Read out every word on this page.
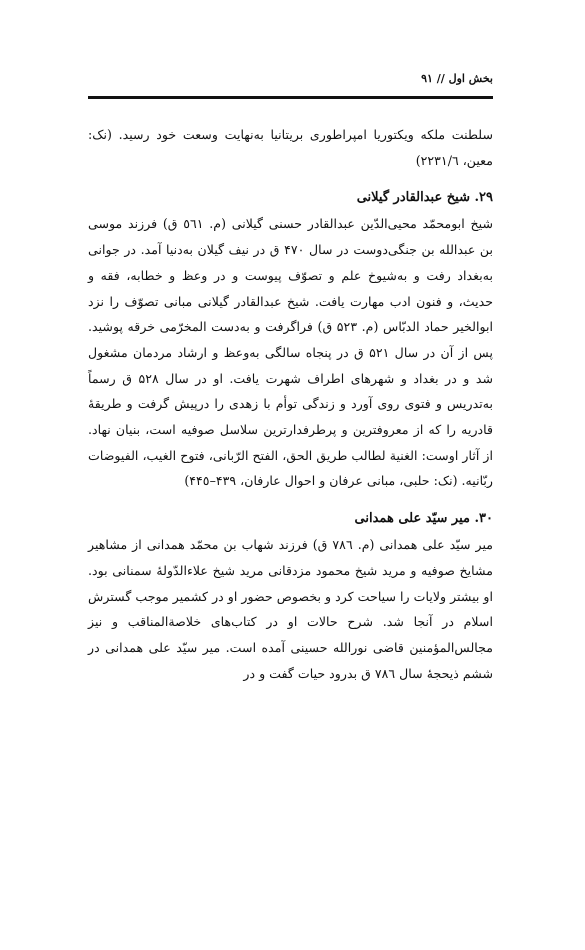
بخش اول // ۹۱

سلطنت ملکه ویکتوریا امپراطوری بریتانیا به‌نهایت وسعت خود رسید. (نک: معین، ۲۲۳۱/٦)

۲۹. شیخ عبدالقادر گیلانی

شیخ ابومحمّد محیی‌الدّین عبدالقادر حسنی گیلانی (م. ٥٦١ ق) فرزند موسی بن عبدالله بن جنگی‌دوست در سال ۴۷۰ ق در نیف گیلان به‌دنیا آمد. در جوانی به‌بغداد رفت و به‌شیوخ علم و تصوّف پیوست و در وعظ و خطابه، فقه و حدیث، و فنون ادب مهارت یافت. شیخ عبدالقادر گیلانی مبانی تصوّف را نزد ابوالخیر حماد الدبّاس (م. ۵۲۳ ق) فراگرفت و به‌دست المخرّمی خرقه پوشید. پس از آن در سال ۵۲۱ ق در پنجاه سالگی به‌وعظ و ارشاد مردمان مشغول شد و در بغداد و شهرهای اطراف شهرت یافت. او در سال ۵۲۸ ق رسماً به‌تدریس و فتوی روی آورد و زندگی توأم با زهدی را درپیش گرفت و طریقهٔ قادریه را که از معروفترین و پرطرفدارترین سلاسل صوفیه است، بنیان نهاد. از آثار اوست: الغنیة لطالب طریق الحق، الفتح الرّبانی، فتوح الغیب، الفیوضات ربّانیه. (نک: حلبی، مبانی عرفان و احوال عارفان، ۴۳۹–۴۴٥)

۳۰. میر سیّد علی همدانی

میر سیّد علی همدانی (م. ۷۸٦ ق) فرزند شهاب بن محمّد همدانی از مشاهیر مشایخ صوفیه و مرید شیخ محمود مزدقانی مرید شیخ علاءالدّولهٔ سمنانی بود. او بیشتر ولایات را سیاحت کرد و بخصوص حضور او در کشمیر موجب گسترش اسلام در آنجا شد. شرح حالات او در کتاب‌های خلاصةالمناقب و نیز مجالس‌المؤمنین قاضی نورالله حسینی آمده است. میر سیّد علی همدانی در ششم ذیحجهٔ سال ۷۸٦ ق بدرود حیات گفت و در
